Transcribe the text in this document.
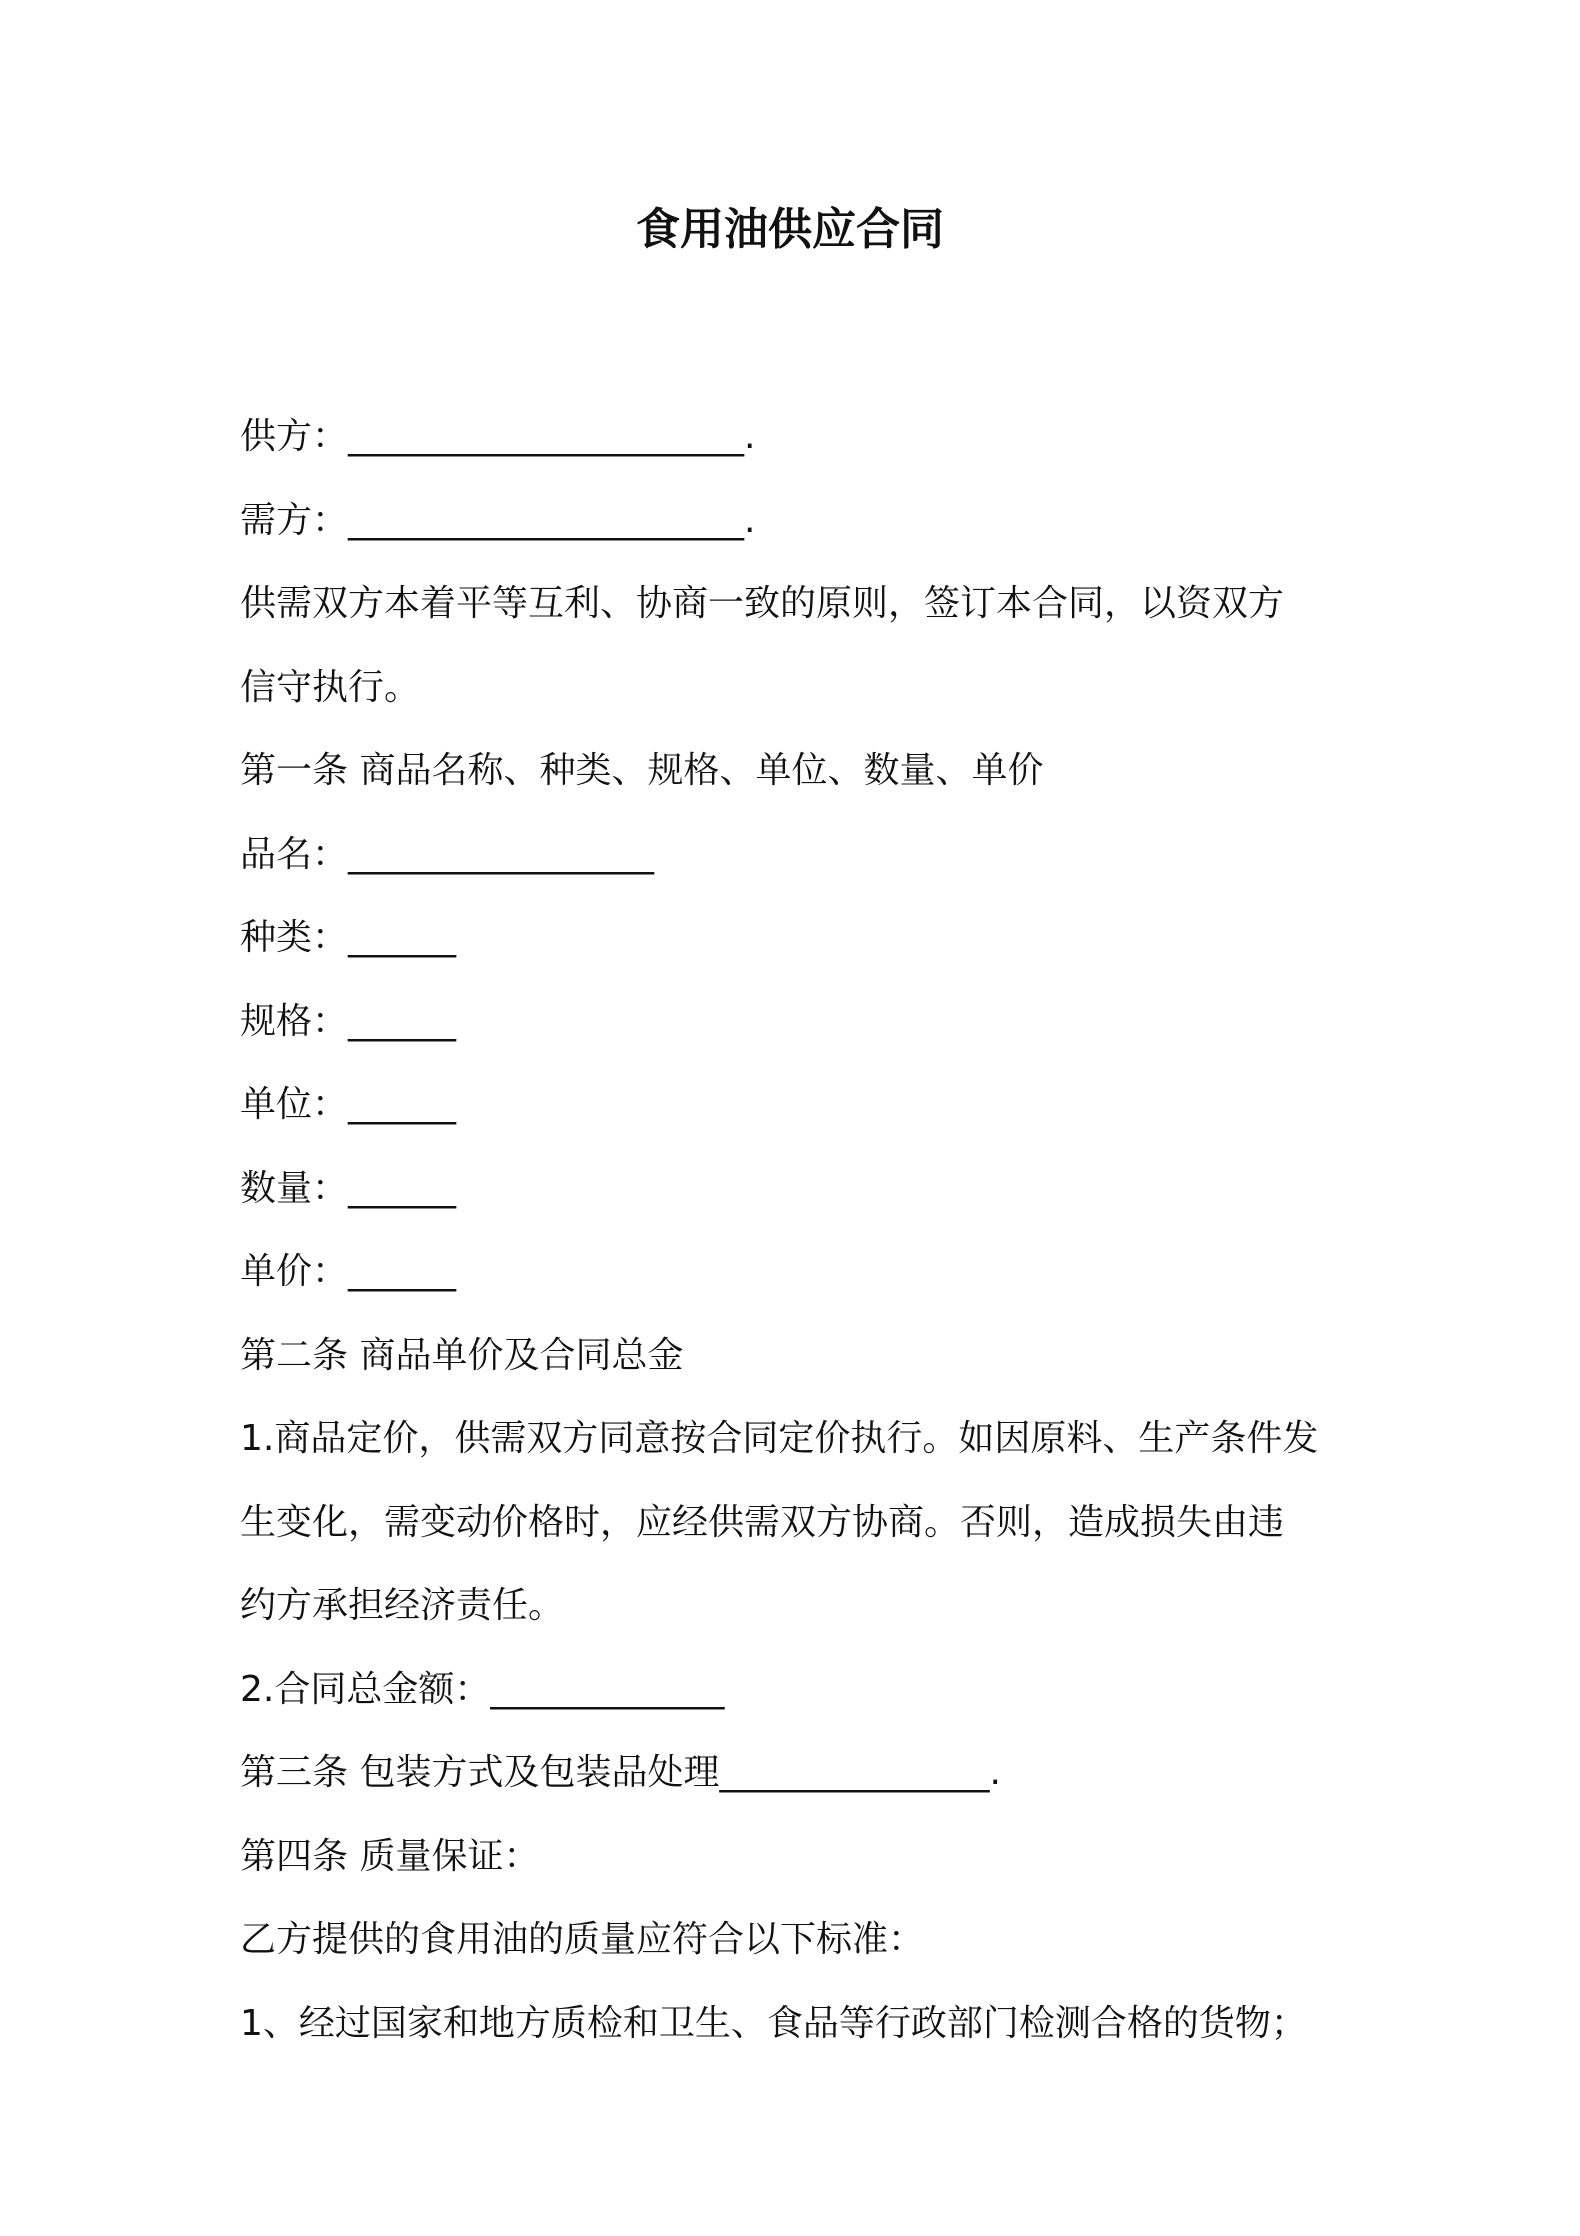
食用油供应合同
供方：______________________.
需方：______________________.
供需双方本着平等互利、协商一致的原则，签订本合同，以资双方
信守执行。
第一条 商品名称、种类、规格、单位、数量、单价
品名：_________________
种类：______
规格：______
单位：______
数量：______
单价：______
第二条 商品单价及合同总金
1.商品定价，供需双方同意按合同定价执行。如因原料、生产条件发
生变化，需变动价格时，应经供需双方协商。否则，造成损失由违
约方承担经济责任。
2.合同总金额：_____________
第三条 包装方式及包装品处理_______________.
第四条 质量保证：
乙方提供的食用油的质量应符合以下标准：
1、经过国家和地方质检和卫生、食品等行政部门检测合格的货物；
